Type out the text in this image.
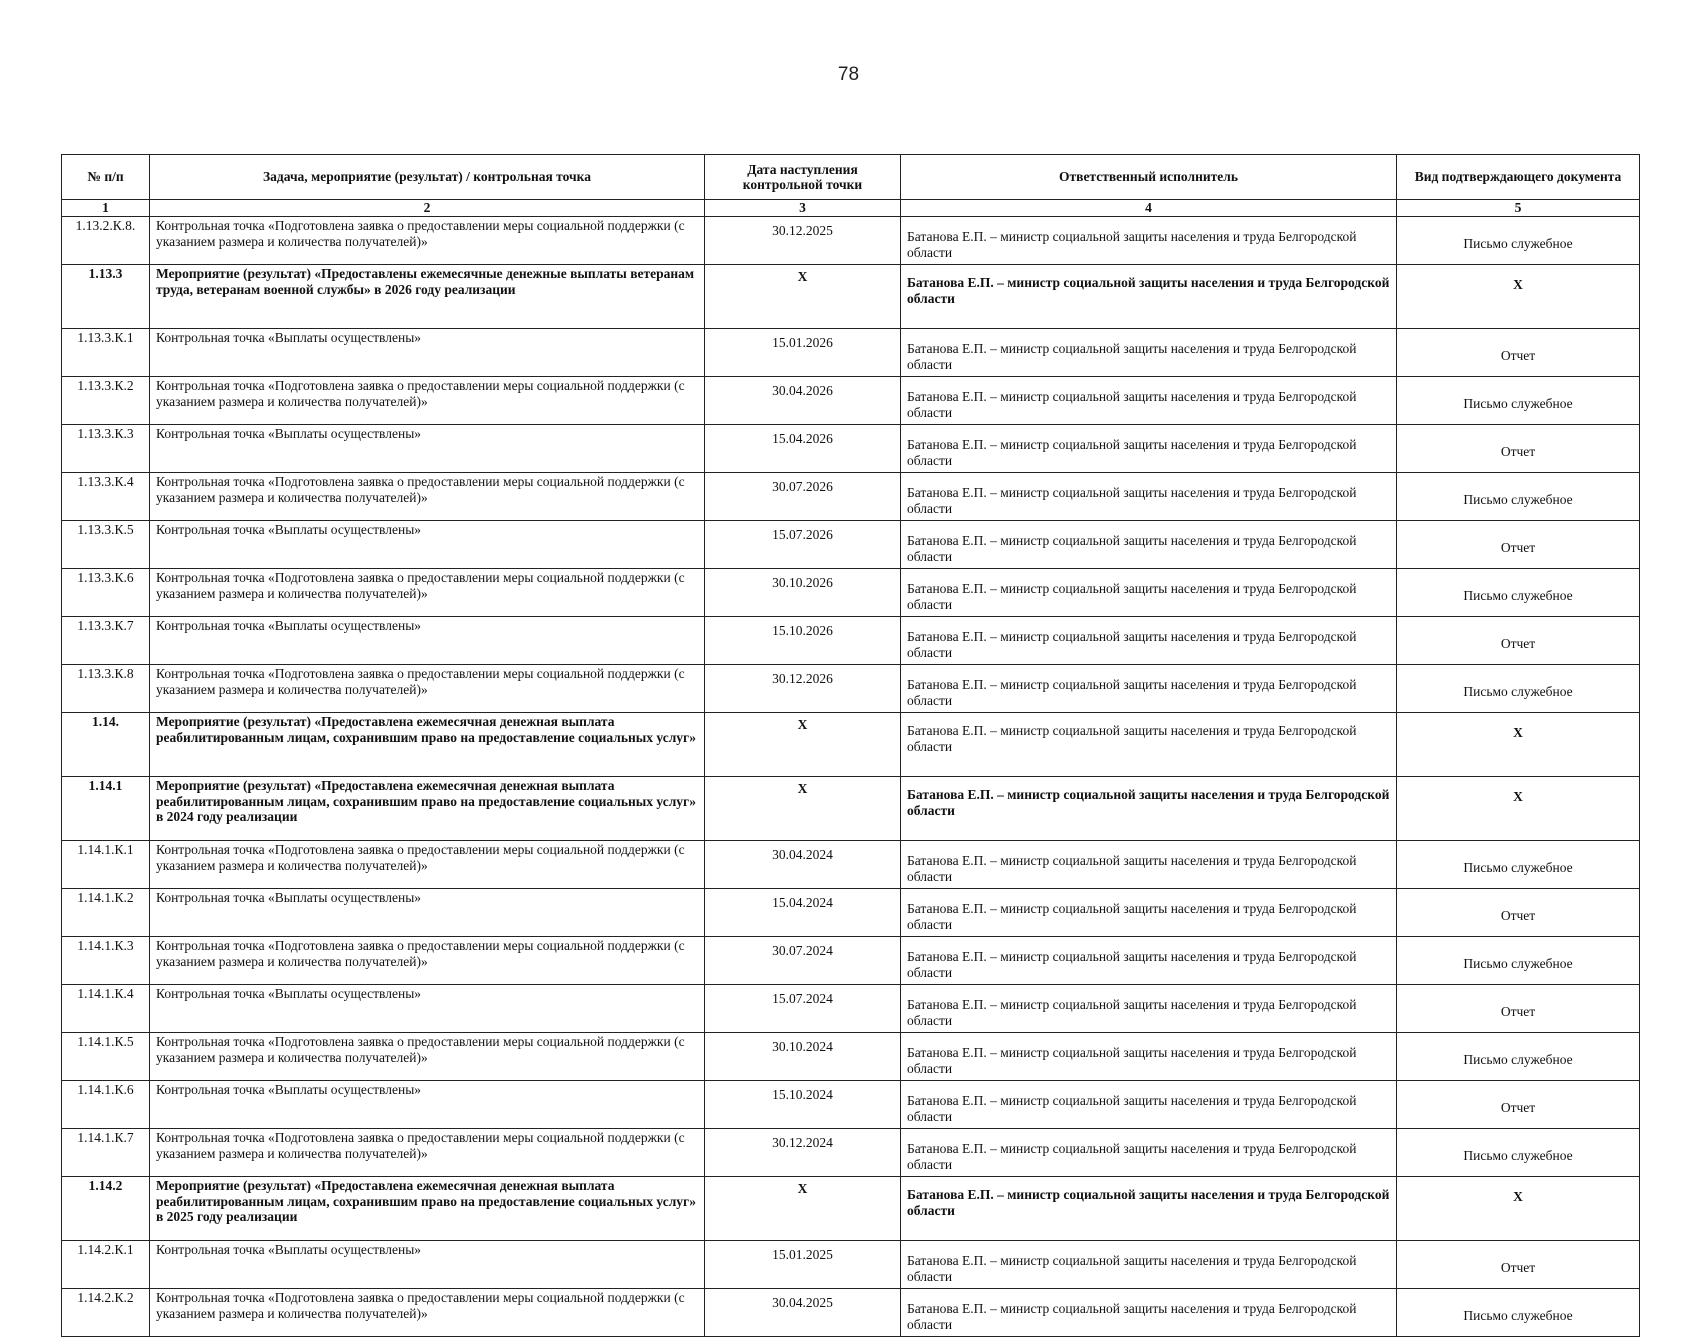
78
№ п/п	Задача, мероприятие (результат) / контрольная точка	Дата наступления контрольной точки	Ответственный исполнитель	Вид подтверждающего документа
1	2	3	4	5
1.13.2.К.8.	Контрольная точка «Подготовлена заявка о предоставлении меры социальной поддержки (с указанием размера и количества получателей)»	30.12.2025	Батанова Е.П. – министр социальной защиты населения и труда Белгородской области	Письмо служебное
1.13.3	Мероприятие (результат) «Предоставлены ежемесячные денежные выплаты ветеранам труда, ветеранам военной службы» в 2026 году реализации	X	Батанова Е.П. – министр социальной защиты населения и труда Белгородской области	X
1.13.3.К.1	Контрольная точка «Выплаты осуществлены»	15.01.2026	Батанова Е.П. – министр социальной защиты населения и труда Белгородской области	Отчет
1.13.3.К.2	Контрольная точка «Подготовлена заявка о предоставлении меры социальной поддержки (с указанием размера и количества получателей)»	30.04.2026	Батанова Е.П. – министр социальной защиты населения и труда Белгородской области	Письмо служебное
1.13.3.К.3	Контрольная точка «Выплаты осуществлены»	15.04.2026	Батанова Е.П. – министр социальной защиты населения и труда Белгородской области	Отчет
1.13.3.К.4	Контрольная точка «Подготовлена заявка о предоставлении меры социальной поддержки (с указанием размера и количества получателей)»	30.07.2026	Батанова Е.П. – министр социальной защиты населения и труда Белгородской области	Письмо служебное
1.13.3.К.5	Контрольная точка «Выплаты осуществлены»	15.07.2026	Батанова Е.П. – министр социальной защиты населения и труда Белгородской области	Отчет
1.13.3.К.6	Контрольная точка «Подготовлена заявка о предоставлении меры социальной поддержки (с указанием размера и количества получателей)»	30.10.2026	Батанова Е.П. – министр социальной защиты населения и труда Белгородской области	Письмо служебное
1.13.3.К.7	Контрольная точка «Выплаты осуществлены»	15.10.2026	Батанова Е.П. – министр социальной защиты населения и труда Белгородской области	Отчет
1.13.3.К.8	Контрольная точка «Подготовлена заявка о предоставлении меры социальной поддержки (с указанием размера и количества получателей)»	30.12.2026	Батанова Е.П. – министр социальной защиты населения и труда Белгородской области	Письмо служебное
1.14.	Мероприятие (результат) «Предоставлена ежемесячная денежная выплата реабилитированным лицам, сохранившим право на предоставление социальных услуг»	X	Батанова Е.П. – министр социальной защиты населения и труда Белгородской области	X
1.14.1	Мероприятие (результат) «Предоставлена ежемесячная денежная выплата реабилитированным лицам, сохранившим право на предоставление социальных услуг» в 2024 году реализации	X	Батанова Е.П. – министр социальной защиты населения и труда Белгородской области	X
1.14.1.К.1	Контрольная точка «Подготовлена заявка о предоставлении меры социальной поддержки (с указанием размера и количества получателей)»	30.04.2024	Батанова Е.П. – министр социальной защиты населения и труда Белгородской области	Письмо служебное
1.14.1.К.2	Контрольная точка «Выплаты осуществлены»	15.04.2024	Батанова Е.П. – министр социальной защиты населения и труда Белгородской области	Отчет
1.14.1.К.3	Контрольная точка «Подготовлена заявка о предоставлении меры социальной поддержки (с указанием размера и количества получателей)»	30.07.2024	Батанова Е.П. – министр социальной защиты населения и труда Белгородской области	Письмо служебное
1.14.1.К.4	Контрольная точка «Выплаты осуществлены»	15.07.2024	Батанова Е.П. – министр социальной защиты населения и труда Белгородской области	Отчет
1.14.1.К.5	Контрольная точка «Подготовлена заявка о предоставлении меры социальной поддержки (с указанием размера и количества получателей)»	30.10.2024	Батанова Е.П. – министр социальной защиты населения и труда Белгородской области	Письмо служебное
1.14.1.К.6	Контрольная точка «Выплаты осуществлены»	15.10.2024	Батанова Е.П. – министр социальной защиты населения и труда Белгородской области	Отчет
1.14.1.К.7	Контрольная точка «Подготовлена заявка о предоставлении меры социальной поддержки (с указанием размера и количества получателей)»	30.12.2024	Батанова Е.П. – министр социальной защиты населения и труда Белгородской области	Письмо служебное
1.14.2	Мероприятие (результат) «Предоставлена ежемесячная денежная выплата реабилитированным лицам, сохранившим право на предоставление социальных услуг» в 2025 году реализации	X	Батанова Е.П. – министр социальной защиты населения и труда Белгородской области	X
1.14.2.К.1	Контрольная точка «Выплаты осуществлены»	15.01.2025	Батанова Е.П. – министр социальной защиты населения и труда Белгородской области	Отчет
1.14.2.К.2	Контрольная точка «Подготовлена заявка о предоставлении меры социальной поддержки (с указанием размера и количества получателей)»	30.04.2025	Батанова Е.П. – министр социальной защиты населения и труда Белгородской области	Письмо служебное
